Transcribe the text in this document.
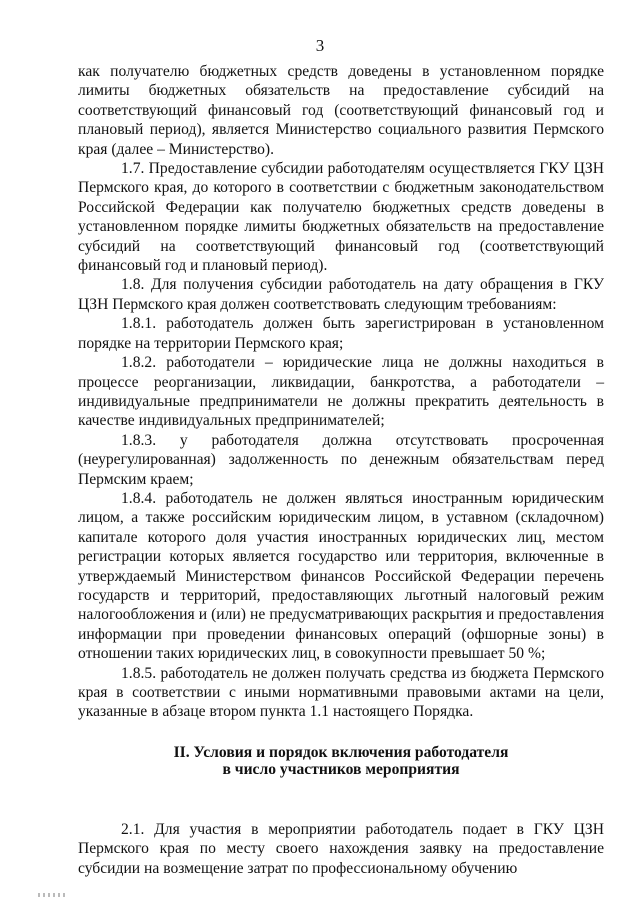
3

как получателю бюджетных средств доведены в установленном порядке лимиты бюджетных обязательств на предоставление субсидий на соответствующий финансовый год (соответствующий финансовый год и плановый период), является Министерство социального развития Пермского края (далее – Министерство).

1.7. Предоставление субсидии работодателям осуществляется ГКУ ЦЗН Пермского края, до которого в соответствии с бюджетным законодательством Российской Федерации как получателю бюджетных средств доведены в установленном порядке лимиты бюджетных обязательств на предоставление субсидий на соответствующий финансовый год (соответствующий финансовый год и плановый период).

1.8. Для получения субсидии работодатель на дату обращения в ГКУ ЦЗН Пермского края должен соответствовать следующим требованиям:

1.8.1. работодатель должен быть зарегистрирован в установленном порядке на территории Пермского края;

1.8.2. работодатели – юридические лица не должны находиться в процессе реорганизации, ликвидации, банкротства, а работодатели – индивидуальные предприниматели не должны прекратить деятельность в качестве индивидуальных предпринимателей;

1.8.3. у работодателя должна отсутствовать просроченная (неурегулированная) задолженность по денежным обязательствам перед Пермским краем;

1.8.4. работодатель не должен являться иностранным юридическим лицом, а также российским юридическим лицом, в уставном (складочном) капитале которого доля участия иностранных юридических лиц, местом регистрации которых является государство или территория, включенные в утверждаемый Министерством финансов Российской Федерации перечень государств и территорий, предоставляющих льготный налоговый режим налогообложения и (или) не предусматривающих раскрытия и предоставления информации при проведении финансовых операций (офшорные зоны) в отношении таких юридических лиц, в совокупности превышает 50 %;

1.8.5. работодатель не должен получать средства из бюджета Пермского края в соответствии с иными нормативными правовыми актами на цели, указанные в абзаце втором пункта 1.1 настоящего Порядка.

II. Условия и порядок включения работодателя
в число участников мероприятия

2.1. Для участия в мероприятии работодатель подает в ГКУ ЦЗН Пермского края по месту своего нахождения заявку на предоставление субсидии на возмещение затрат по профессиональному обучению
